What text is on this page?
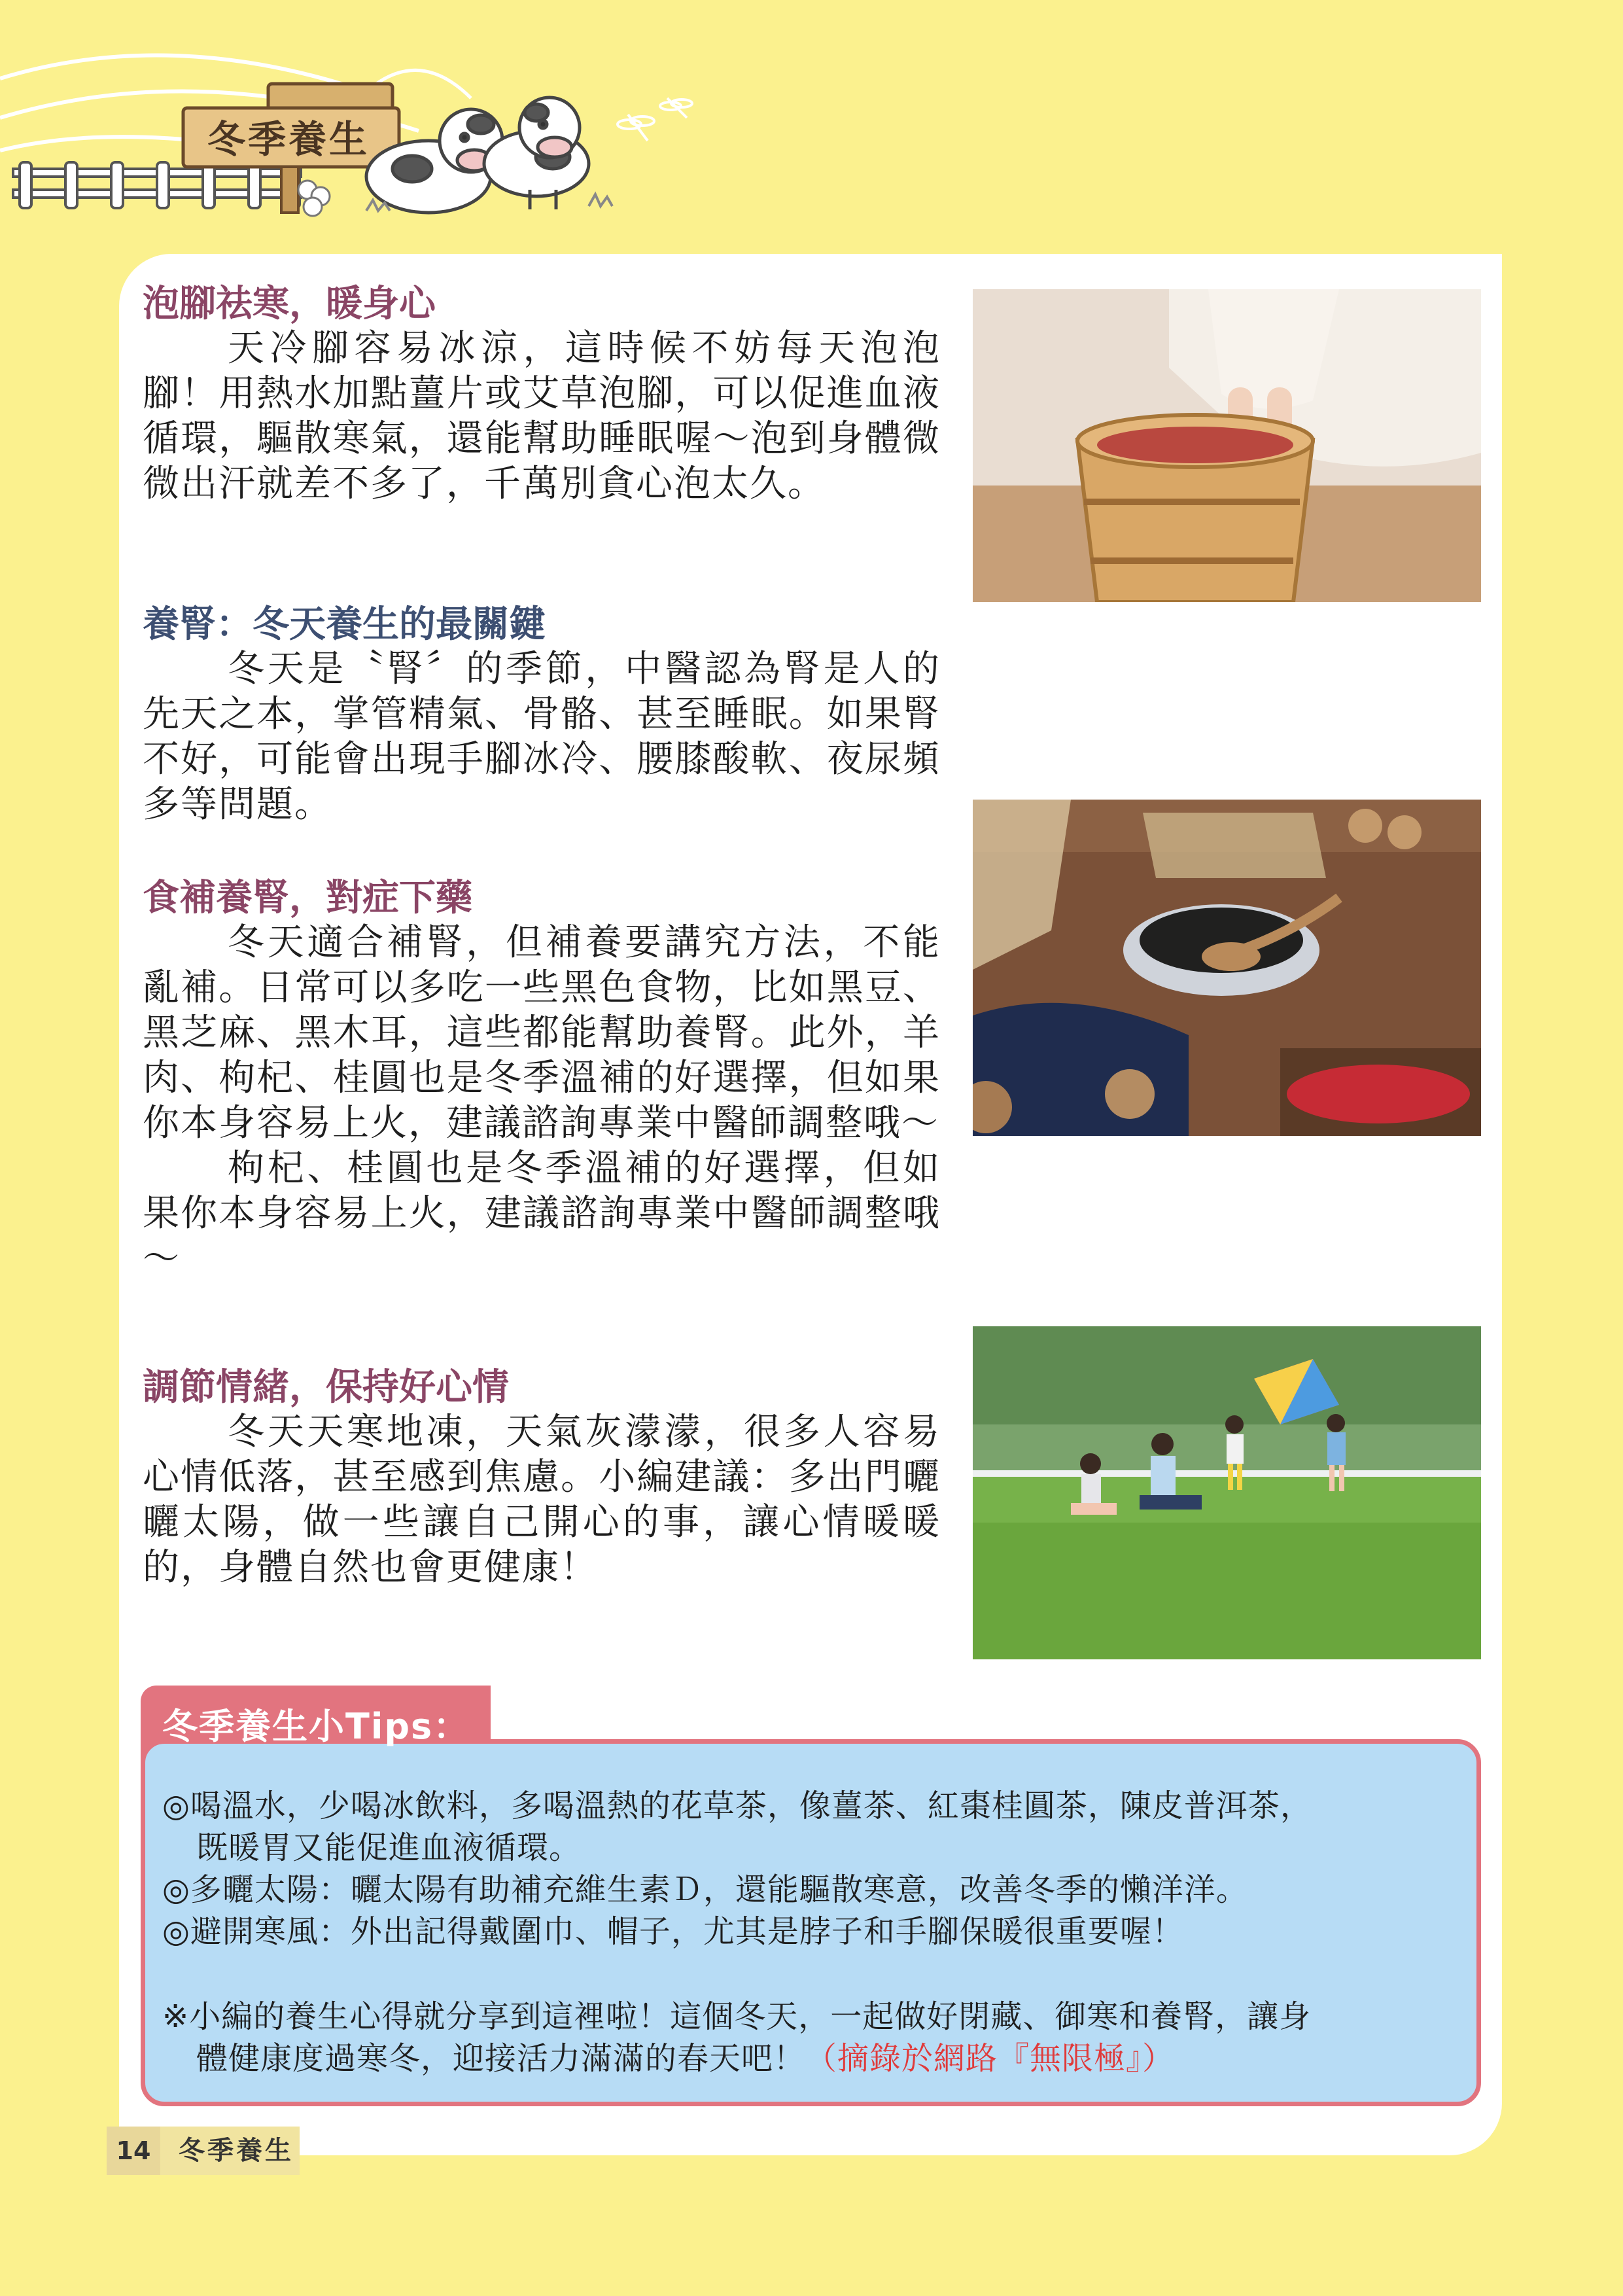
冬季養生
泡腳祛寒，暖身心

天冷腳容易冰涼，這時候不妨每天泡泡腳！用熱水加點薑片或艾草泡腳，可以促進血液循環，驅散寒氣，還能幫助睡眠喔～泡到身體微微出汗就差不多了，千萬別貪心泡太久。

養腎：冬天養生的最關鍵

冬天是〝腎〞的季節，中醫認為腎是人的先天之本，掌管精氣、骨骼、甚至睡眠。如果腎不好，可能會出現手腳冰冷、腰膝酸軟、夜尿頻多等問題。

食補養腎，對症下藥

冬天適合補腎，但補養要講究方法，不能亂補。日常可以多吃一些黑色食物，比如黑豆、黑芝麻、黑木耳，這些都能幫助養腎。此外，羊肉、枸杞、桂圓也是冬季溫補的好選擇，但如果你本身容易上火，建議諮詢專業中醫師調整哦～

枸杞、桂圓也是冬季溫補的好選擇，但如果你本身容易上火，建議諮詢專業中醫師調整哦～

調節情緒，保持好心情

冬天天寒地凍，天氣灰濛濛，很多人容易心情低落，甚至感到焦慮。小編建議：多出門曬曬太陽，做一些讓自己開心的事，讓心情暖暖的，身體自然也會更健康！

冬季養生小Tips：
◎喝溫水，少喝冰飲料，多喝溫熱的花草茶，像薑茶、紅棗桂圓茶，陳皮普洱茶，
既暖胃又能促進血液循環。
◎多曬太陽：曬太陽有助補充維生素Ｄ，還能驅散寒意，改善冬季的懶洋洋。
◎避開寒風：外出記得戴圍巾、帽子，尤其是脖子和手腳保暖很重要喔！
※小編的養生心得就分享到這裡啦！這個冬天，一起做好閉藏、御寒和養腎，讓身
體健康度過寒冬，迎接活力滿滿的春天吧！（摘錄於網路『無限極』）
14	冬季養生
